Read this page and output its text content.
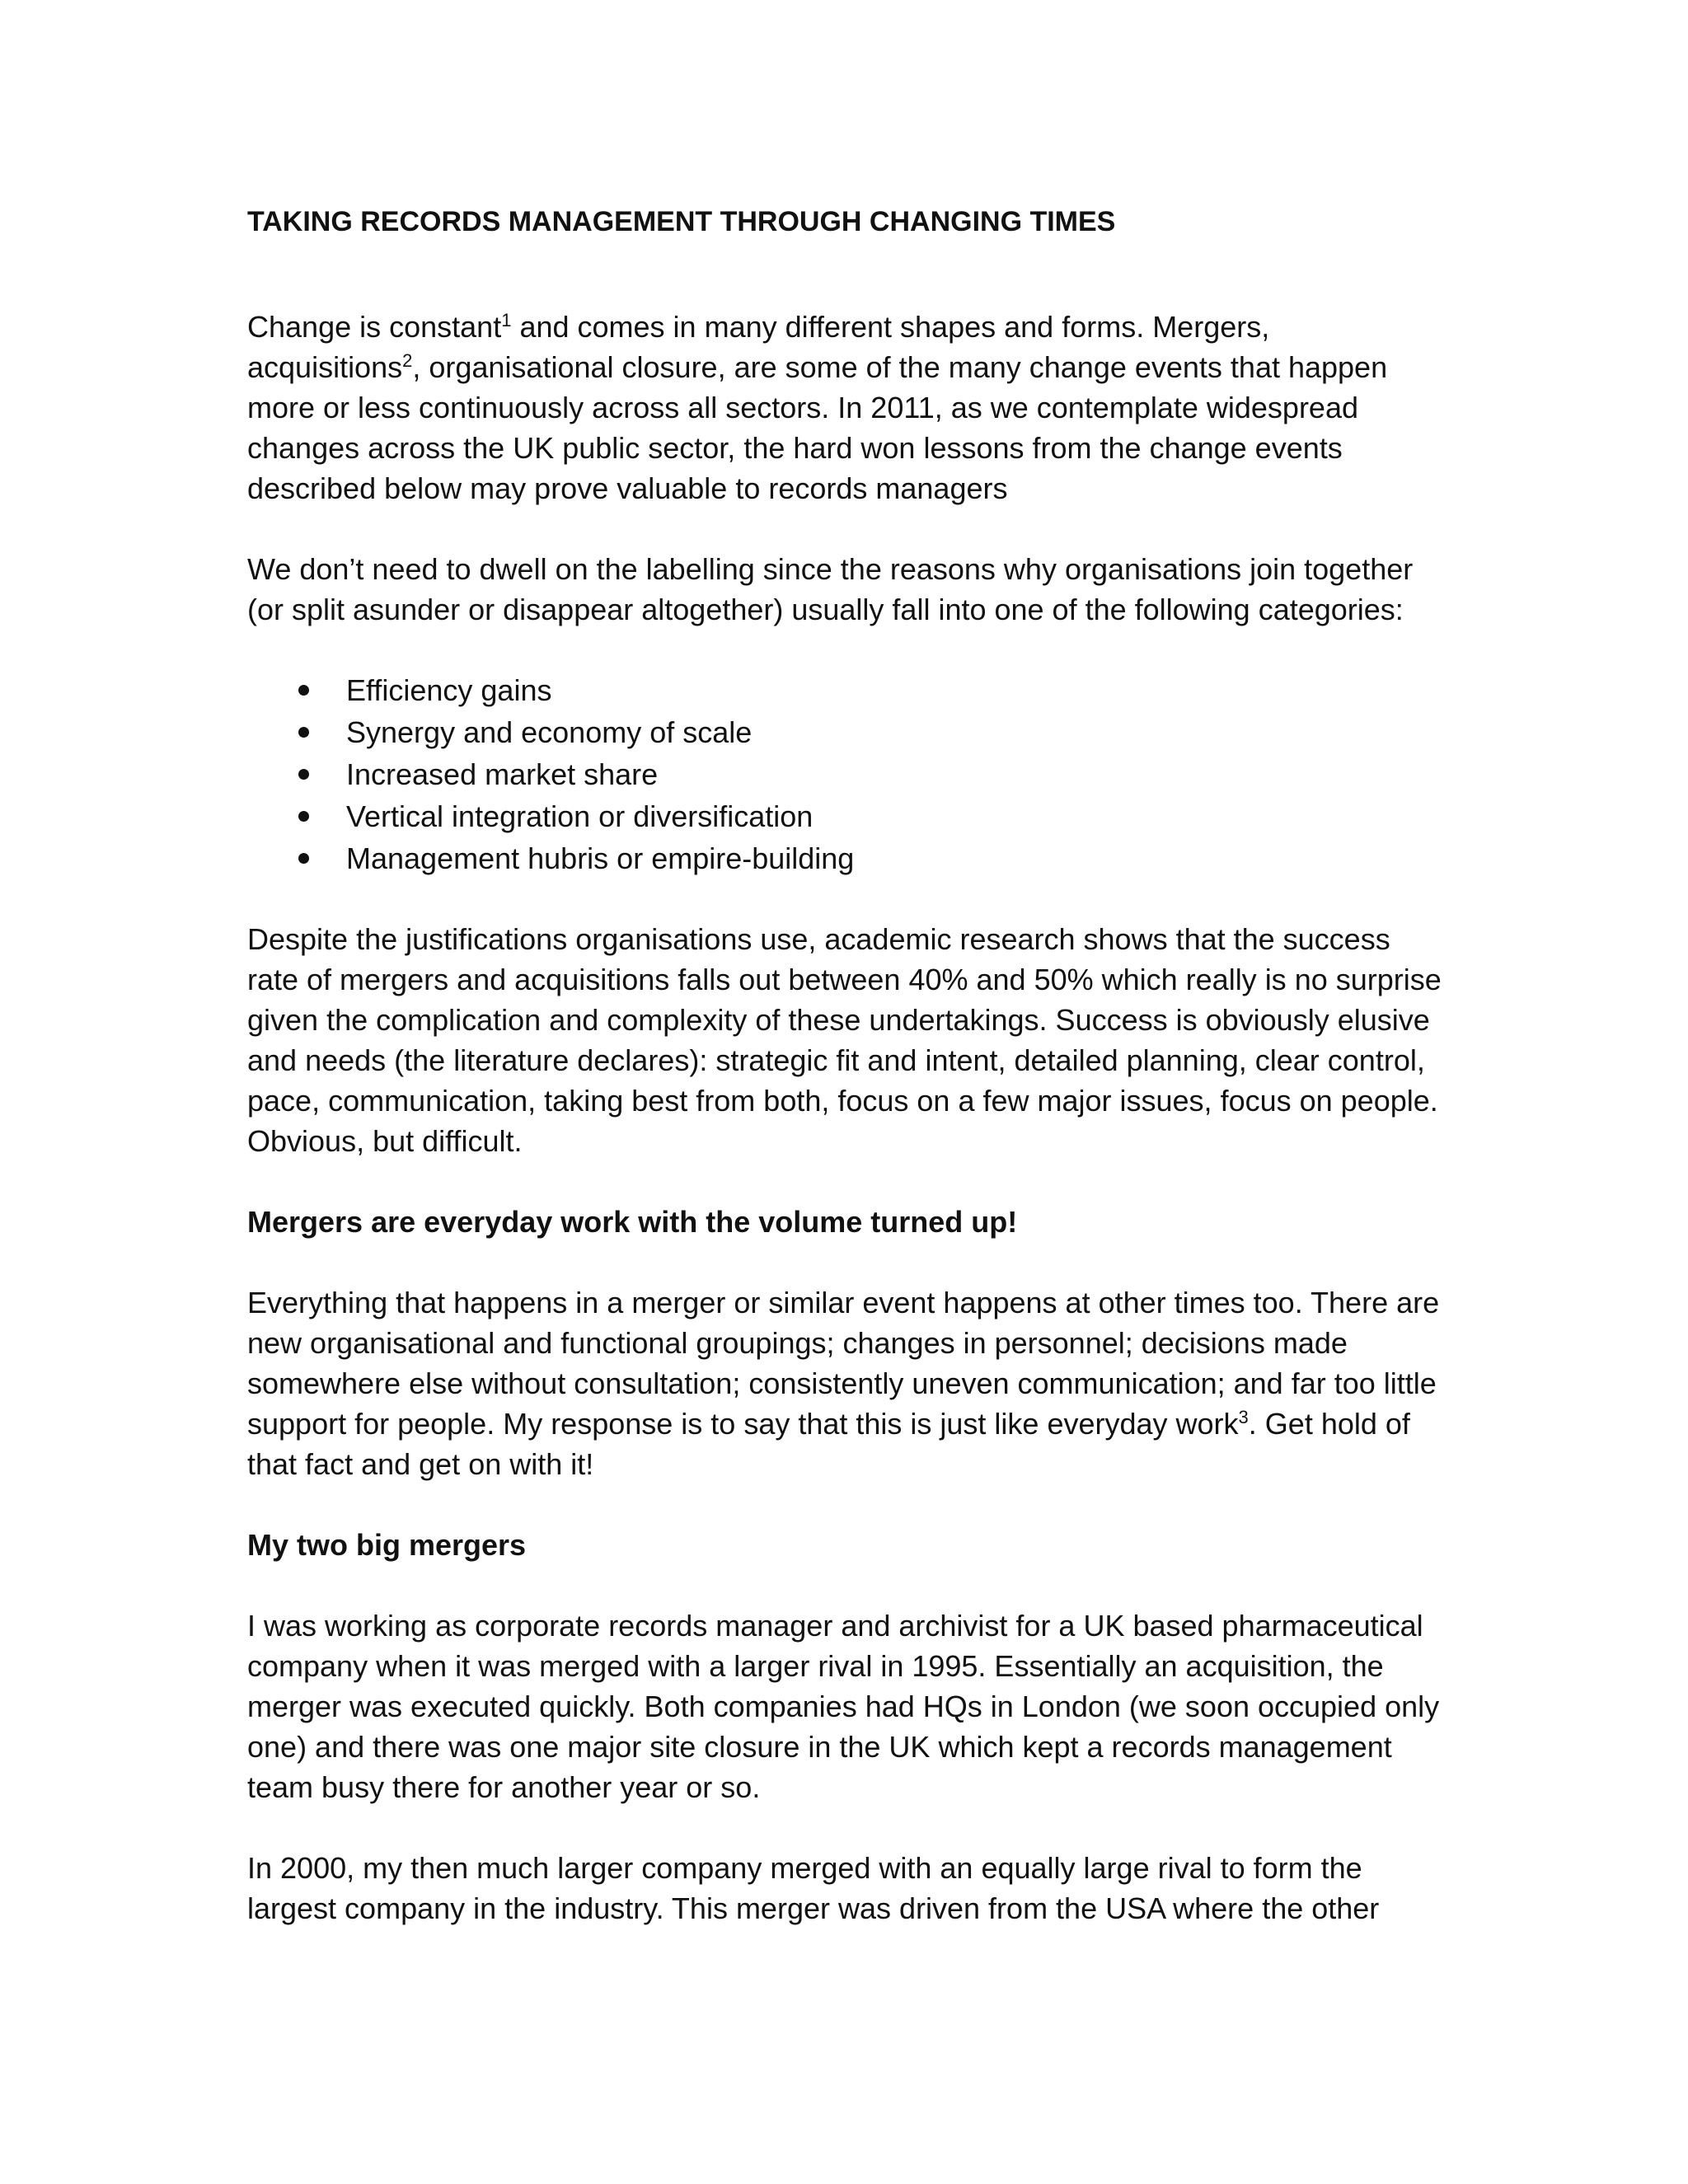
TAKING RECORDS MANAGEMENT THROUGH CHANGING TIMES

Change is constant$^1$ and comes in many different shapes and forms. Mergers, acquisitions$^2$, organisational closure, are some of the many change events that happen more or less continuously across all sectors. In 2011, as we contemplate widespread changes across the UK public sector, the hard won lessons from the change events described below may prove valuable to records managers

We don’t need to dwell on the labelling since the reasons why organisations join together (or split asunder or disappear altogether) usually fall into one of the following categories:

Efficiency gains
Synergy and economy of scale
Increased market share
Vertical integration or diversification
Management hubris or empire-building

Despite the justifications organisations use, academic research shows that the success rate of mergers and acquisitions falls out between 40% and 50% which really is no surprise given the complication and complexity of these undertakings. Success is obviously elusive and needs (the literature declares): strategic fit and intent, detailed planning, clear control, pace, communication, taking best from both, focus on a few major issues, focus on people. Obvious, but difficult.

Mergers are everyday work with the volume turned up!

Everything that happens in a merger or similar event happens at other times too. There are new organisational and functional groupings; changes in personnel; decisions made somewhere else without consultation; consistently uneven communication; and far too little support for people. My response is to say that this is just like everyday work$^3$. Get hold of that fact and get on with it!

My two big mergers

I was working as corporate records manager and archivist for a UK based pharmaceutical company when it was merged with a larger rival in 1995. Essentially an acquisition, the merger was executed quickly. Both companies had HQs in London (we soon occupied only one) and there was one major site closure in the UK which kept a records management team busy there for another year or so.

In 2000, my then much larger company merged with an equally large rival to form the largest company in the industry. This merger was driven from the USA where the other
